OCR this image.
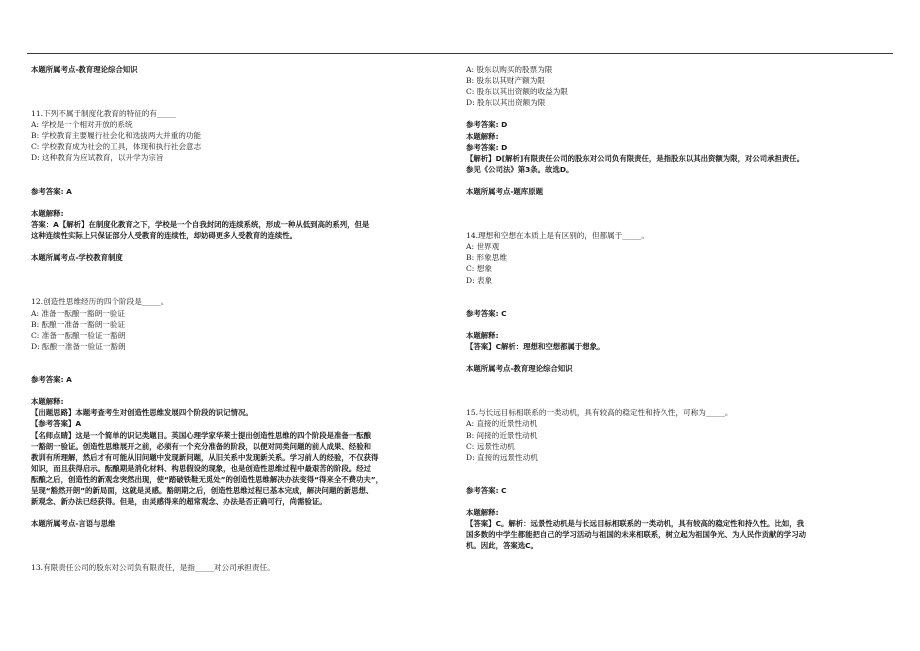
本题所属考点-教育理论综合知识
11.下列不属于制度化教育的特征的有_____
A: 学校是一个相对开放的系统
B: 学校教育主要履行社会化和选拔两大并重的功能
C: 学校教育成为社会的工具，体现和执行社会意志
D: 这种教育为应试教育，以升学为宗旨
参考答案: A
本题解释:
答案：A【解析】在制度化教育之下，学校是一个自我封闭的连续系统，形成一种从低到高的系列，但是
这种连续性实际上只保证部分人受教育的连续性，却妨碍更多人受教育的连续性。
本题所属考点-学校教育制度
12.创造性思维经历的四个阶段是_____。
A: 准备一酝酿一豁朗一验证
B: 酝酿一准备一豁朗一验证
C: 准备一酝酿一验证一豁朗
D: 酝酿一准备一验证一豁朗
参考答案: A
本题解释:
【出题思路】本题考查考生对创造性思维发展四个阶段的识记情况。
【参考答案】A
【名师点睛】这是一个简单的识记类题目。英国心理学家华莱士提出创造性思维的四个阶段是准备一酝酿
一豁朗一验证。创造性思维展开之前，必须有一个充分准备的阶段，以便对同类问题的前人成果、经验和
教训有所理解，然后才有可能从旧问题中发现新问题，从旧关系中发现新关系。学习前人的经验，不仅获得
知识，而且获得启示。酝酿期是消化材料、构思假设的现象，也是创造性思维过程中最艰苦的阶段。经过
酝酿之后，创造性的新观念突然出现，使“踏破铁鞋无觅处”的创造性思维解决办法变得“得来全不费功夫”，
呈现“豁然开朗”的新局面，这就是灵感。豁朗期之后，创造性思维过程已基本完成，解决问题的新思想、
新观念、新办法已经获得。但是，由灵感得来的超常观念、办法是否正确可行，尚需验证。
本题所属考点-言语与思维
13.有限责任公司的股东对公司负有限责任，是指_____对公司承担责任。
A: 股东以购买的股票为限
B: 股东以其财产额为限
C: 股东以其出资额的收益为限
D: 股东以其出资额为限
参考答案: D
本题解释:
参考答案: D
【解析】D[解析]有限责任公司的股东对公司负有限责任，是指股东以其出资额为限，对公司承担责任。
参见《公司法》第3条。故选D。
本题所属考点-题库原题
14.理想和空想在本质上是有区别的，但都属于_____。
A: 世界观
B: 形象思维
C: 想象
D: 表象
参考答案: C
本题解释:
【答案】C解析：理想和空想都属于想象。
本题所属考点-教育理论综合知识
15.与长远目标相联系的一类动机，具有较高的稳定性和持久性，可称为_____。
A: 直接的近景性动机
B: 间接的近景性动机
C: 远景性动机
D: 直接的远景性动机
参考答案: C
本题解释:
【答案】C。解析：远景性动机是与长远目标相联系的一类动机，具有较高的稳定性和持久性。比如，我
国多数的中学生都能把自己的学习活动与祖国的未来相联系，树立起为祖国争光、为人民作贡献的学习动
机。因此，答案选C。
